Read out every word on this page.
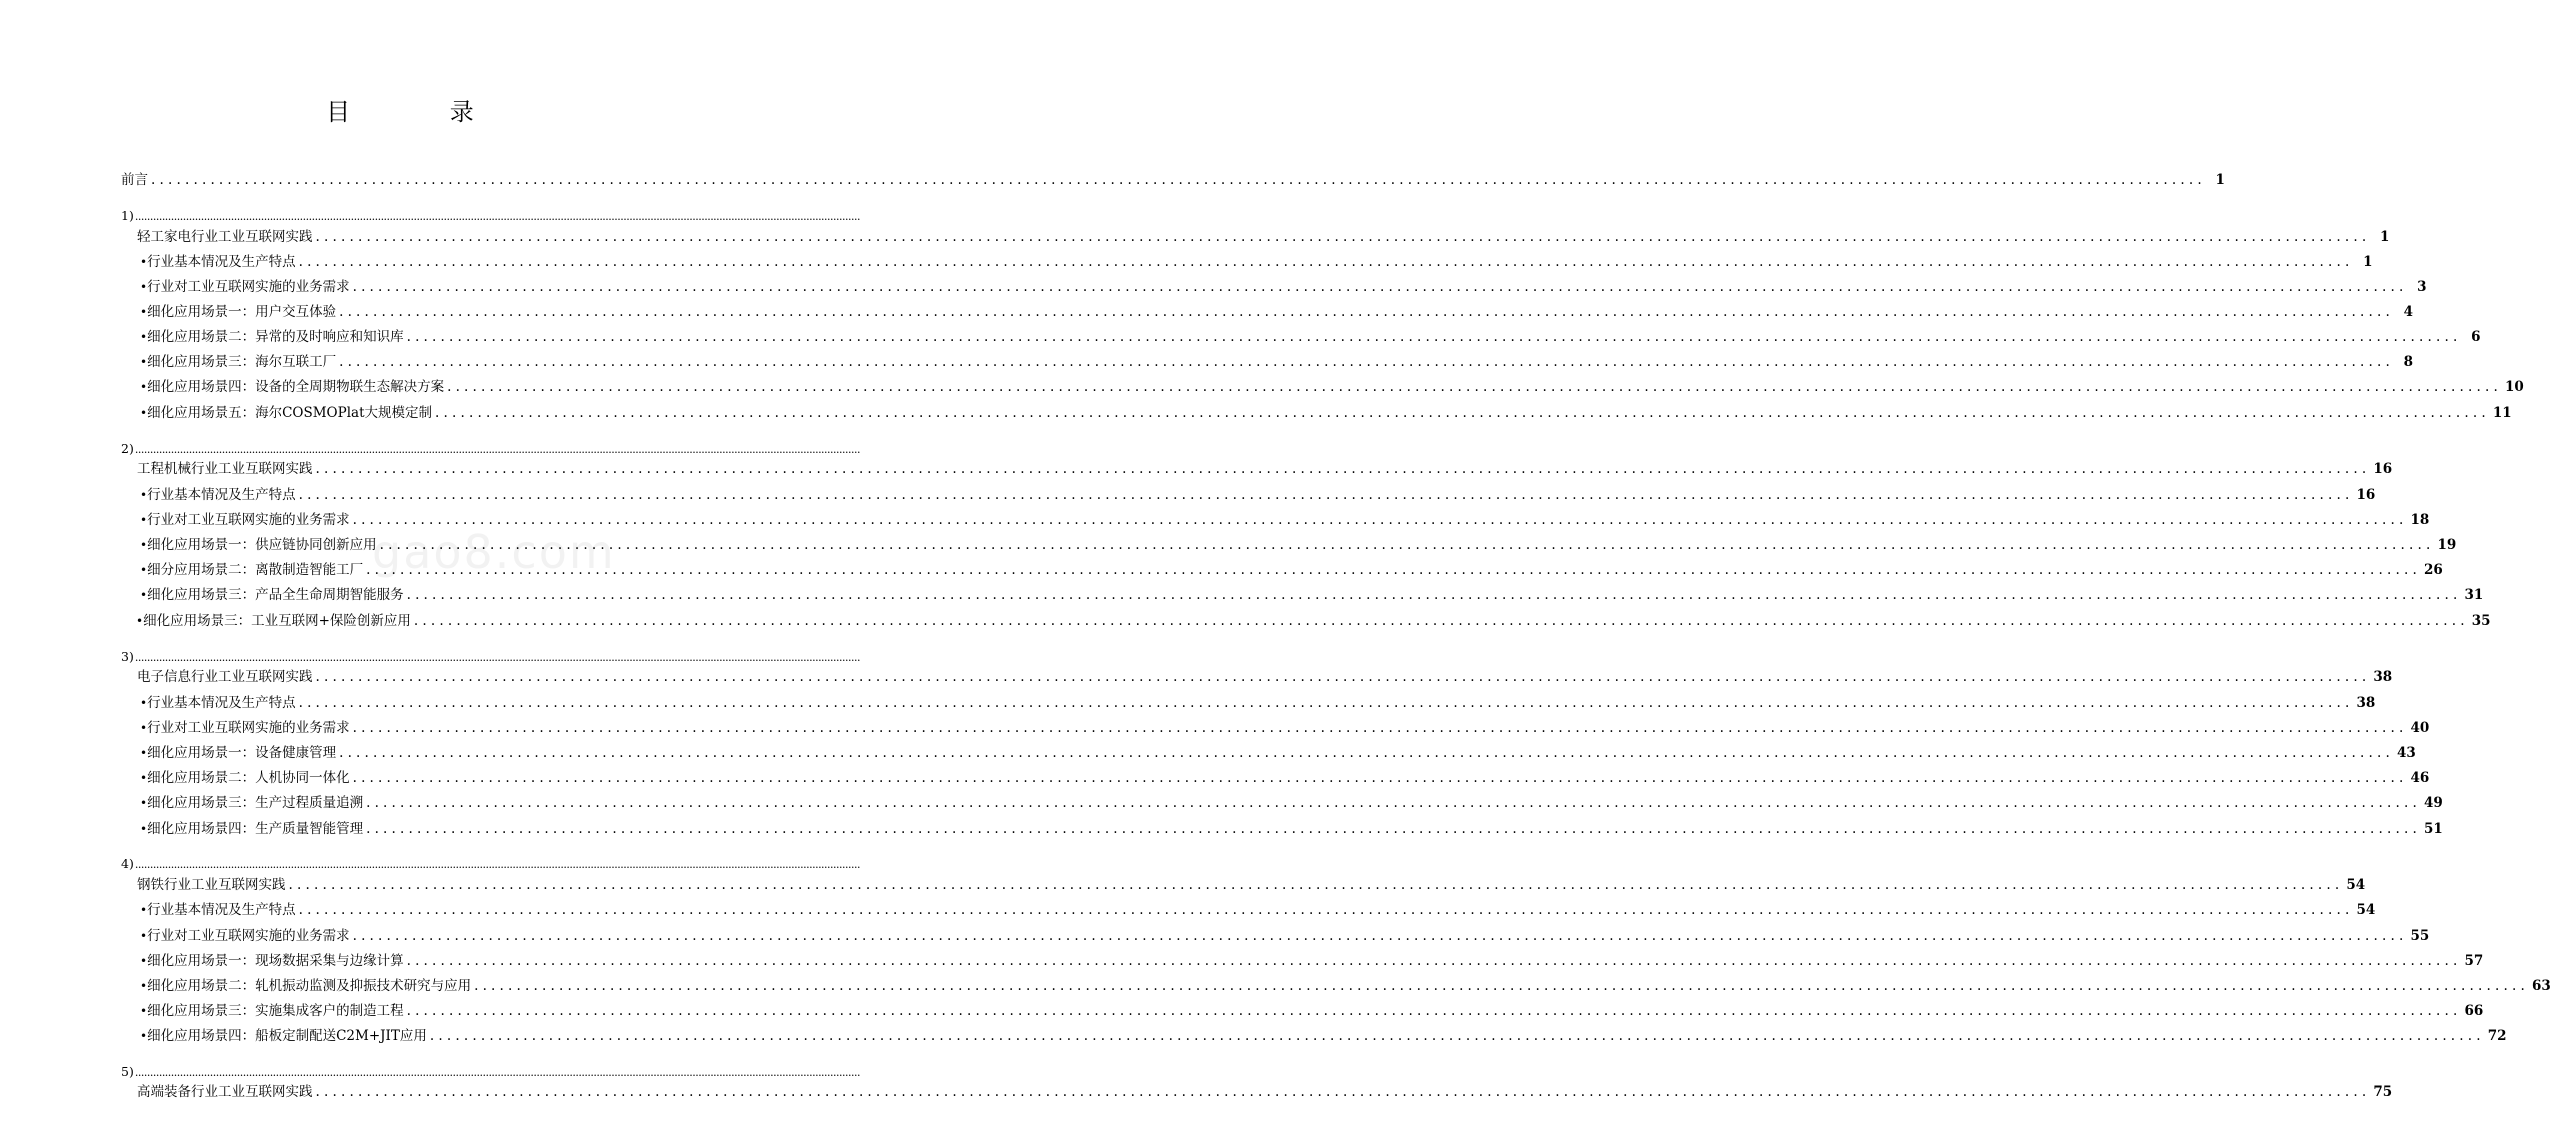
目 录
gao8.com
前言 .................................................................................................................................................................................................................................................. 1
1) ..................................................................................................................................................................................................................................................
轻工家电行业工业互联网实践 .................................................................................................................................................................................................................................................. 1
• 行业基本情况及生产特点 .................................................................................................................................................................................................................................................. 1
• 行业对工业互联网实施的业务需求 .................................................................................................................................................................................................................................................. 3
• 细化应用场景一：用户交互体验 .................................................................................................................................................................................................................................................. 4
• 细化应用场景二：异常的及时响应和知识库 .................................................................................................................................................................................................................................................. 6
• 细化应用场景三：海尔互联工厂 .................................................................................................................................................................................................................................................. 8
• 细化应用场景四：设备的全周期物联生态解决方案 .................................................................................................................................................................................................................................................. 10
• 细化应用场景五：海尔COSMOPlat大规模定制 .................................................................................................................................................................................................................................................. 11
2) ..................................................................................................................................................................................................................................................
工程机械行业工业互联网实践 .................................................................................................................................................................................................................................................. 16
• 行业基本情况及生产特点 .................................................................................................................................................................................................................................................. 16
• 行业对工业互联网实施的业务需求 .................................................................................................................................................................................................................................................. 18
• 细化应用场景一：供应链协同创新应用 .................................................................................................................................................................................................................................................. 19
• 细分应用场景二：离散制造智能工厂 .................................................................................................................................................................................................................................................. 26
• 细化应用场景三：产品全生命周期智能服务 .................................................................................................................................................................................................................................................. 31
• 细化应用场景三：工业互联网+保险创新应用 .................................................................................................................................................................................................................................................. 35
3) ..................................................................................................................................................................................................................................................
电子信息行业工业互联网实践 .................................................................................................................................................................................................................................................. 38
• 行业基本情况及生产特点 .................................................................................................................................................................................................................................................. 38
• 行业对工业互联网实施的业务需求 .................................................................................................................................................................................................................................................. 40
• 细化应用场景一：设备健康管理 .................................................................................................................................................................................................................................................. 43
• 细化应用场景二：人机协同一体化 .................................................................................................................................................................................................................................................. 46
• 细化应用场景三：生产过程质量追溯 .................................................................................................................................................................................................................................................. 49
• 细化应用场景四：生产质量智能管理 .................................................................................................................................................................................................................................................. 51
4) ..................................................................................................................................................................................................................................................
钢铁行业工业互联网实践 .................................................................................................................................................................................................................................................. 54
• 行业基本情况及生产特点 .................................................................................................................................................................................................................................................. 54
• 行业对工业互联网实施的业务需求 .................................................................................................................................................................................................................................................. 55
• 细化应用场景一：现场数据采集与边缘计算 .................................................................................................................................................................................................................................................. 57
• 细化应用场景二：轧机振动监测及抑振技术研究与应用 .................................................................................................................................................................................................................................................. 63
• 细化应用场景三：实施集成客户的制造工程 .................................................................................................................................................................................................................................................. 66
• 细化应用场景四：船板定制配送C2M+JIT应用 .................................................................................................................................................................................................................................................. 72
5) ..................................................................................................................................................................................................................................................
高端装备行业工业互联网实践 .................................................................................................................................................................................................................................................. 75
